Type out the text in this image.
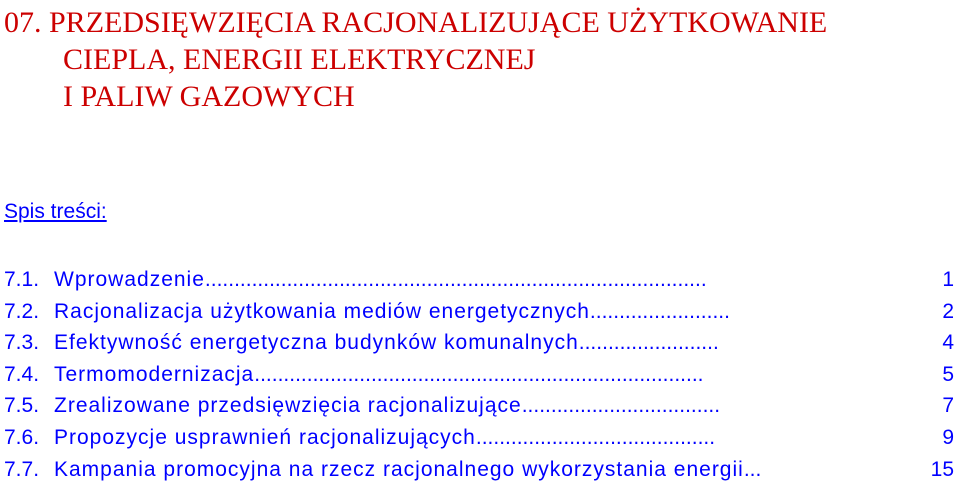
07. PRZEDSIĘWZIĘCIA RACJONALIZUJĄCE UŻYTKOWANIE
CIEPLA, ENERGII ELEKTRYCZNEJ
I PALIW GAZOWYCH
Spis treści:
7.1. Wprowadzenie......................................................................................	1
7.2. Racjonalizacja użytkowania mediów energetycznych........................	2
7.3. Efektywność energetyczna budynków komunalnych........................	4
7.4. Termomodernizacja.............................................................................	5
7.5. Zrealizowane przedsięwzięcia racjonalizujące..................................	7
7.6. Propozycje usprawnień racjonalizujących.........................................	9
7.7. Kampania promocyjna na rzecz racjonalnego wykorzystania energii...	15
